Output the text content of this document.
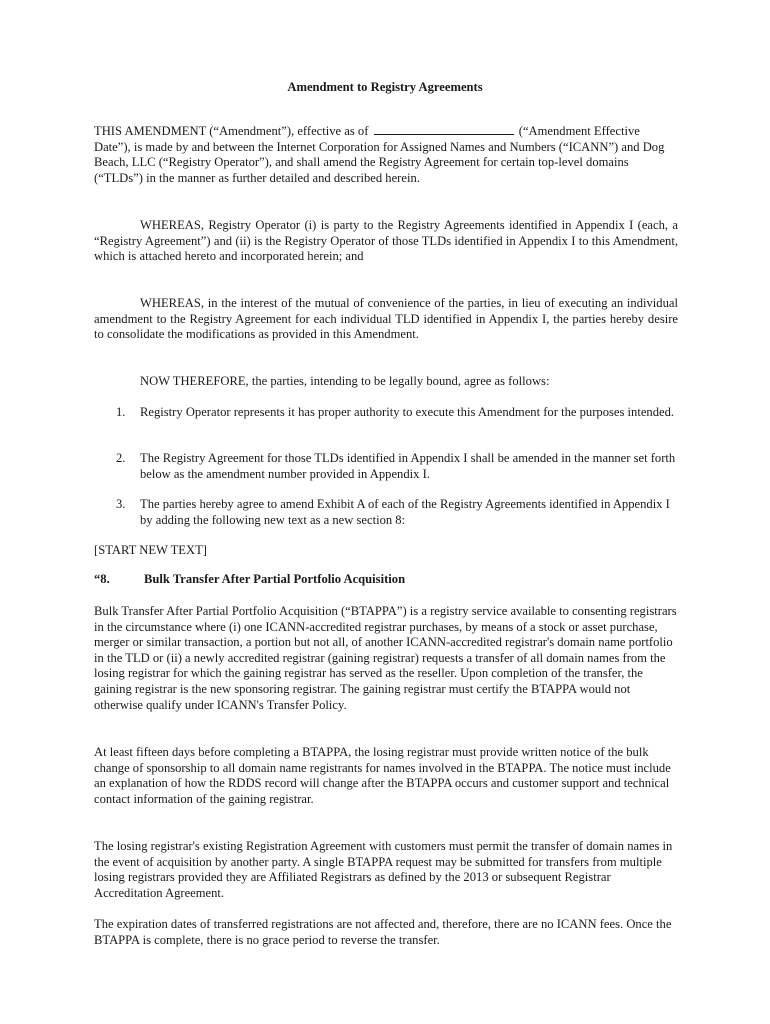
Amendment to Registry Agreements

THIS AMENDMENT (“Amendment”), effective as of	(“Amendment Effective Date”), is made by and between the Internet Corporation for Assigned Names and Numbers (“ICANN”) and Dog Beach, LLC (“Registry Operator”), and shall amend the Registry Agreement for certain top-level domains (“TLDs”) in the manner as further detailed and described herein.

WHEREAS, Registry Operator (i) is party to the Registry Agreements identified in Appendix I (each, a “Registry Agreement”) and (ii) is the Registry Operator of those TLDs identified in Appendix I to this Amendment, which is attached hereto and incorporated herein; and

WHEREAS, in the interest of the mutual of convenience of the parties, in lieu of executing an individual amendment to the Registry Agreement for each individual TLD identified in Appendix I, the parties hereby desire to consolidate the modifications as provided in this Amendment.

NOW THEREFORE, the parties, intending to be legally bound, agree as follows:

1. Registry Operator represents it has proper authority to execute this Amendment for the purposes intended.
2. The Registry Agreement for those TLDs identified in Appendix I shall be amended in the manner set forth below as the amendment number provided in Appendix I.
3. The parties hereby agree to amend Exhibit A of each of the Registry Agreements identified in Appendix I by adding the following new text as a new section 8:

[START NEW TEXT]

“8.	Bulk Transfer After Partial Portfolio Acquisition

Bulk Transfer After Partial Portfolio Acquisition (“BTAPPA”) is a registry service available to consenting registrars in the circumstance where (i) one ICANN-accredited registrar purchases, by means of a stock or asset purchase, merger or similar transaction, a portion but not all, of another ICANN-accredited registrar's domain name portfolio in the TLD or (ii) a newly accredited registrar (gaining registrar) requests a transfer of all domain names from the losing registrar for which the gaining registrar has served as the reseller. Upon completion of the transfer, the gaining registrar is the new sponsoring registrar. The gaining registrar must certify the BTAPPA would not otherwise qualify under ICANN's Transfer Policy.

At least fifteen days before completing a BTAPPA, the losing registrar must provide written notice of the bulk change of sponsorship to all domain name registrants for names involved in the BTAPPA. The notice must include an explanation of how the RDDS record will change after the BTAPPA occurs and customer support and technical contact information of the gaining registrar.

The losing registrar's existing Registration Agreement with customers must permit the transfer of domain names in the event of acquisition by another party. A single BTAPPA request may be submitted for transfers from multiple losing registrars provided they are Affiliated Registrars as defined by the 2013 or subsequent Registrar Accreditation Agreement.

The expiration dates of transferred registrations are not affected and, therefore, there are no ICANN fees. Once the BTAPPA is complete, there is no grace period to reverse the transfer.
